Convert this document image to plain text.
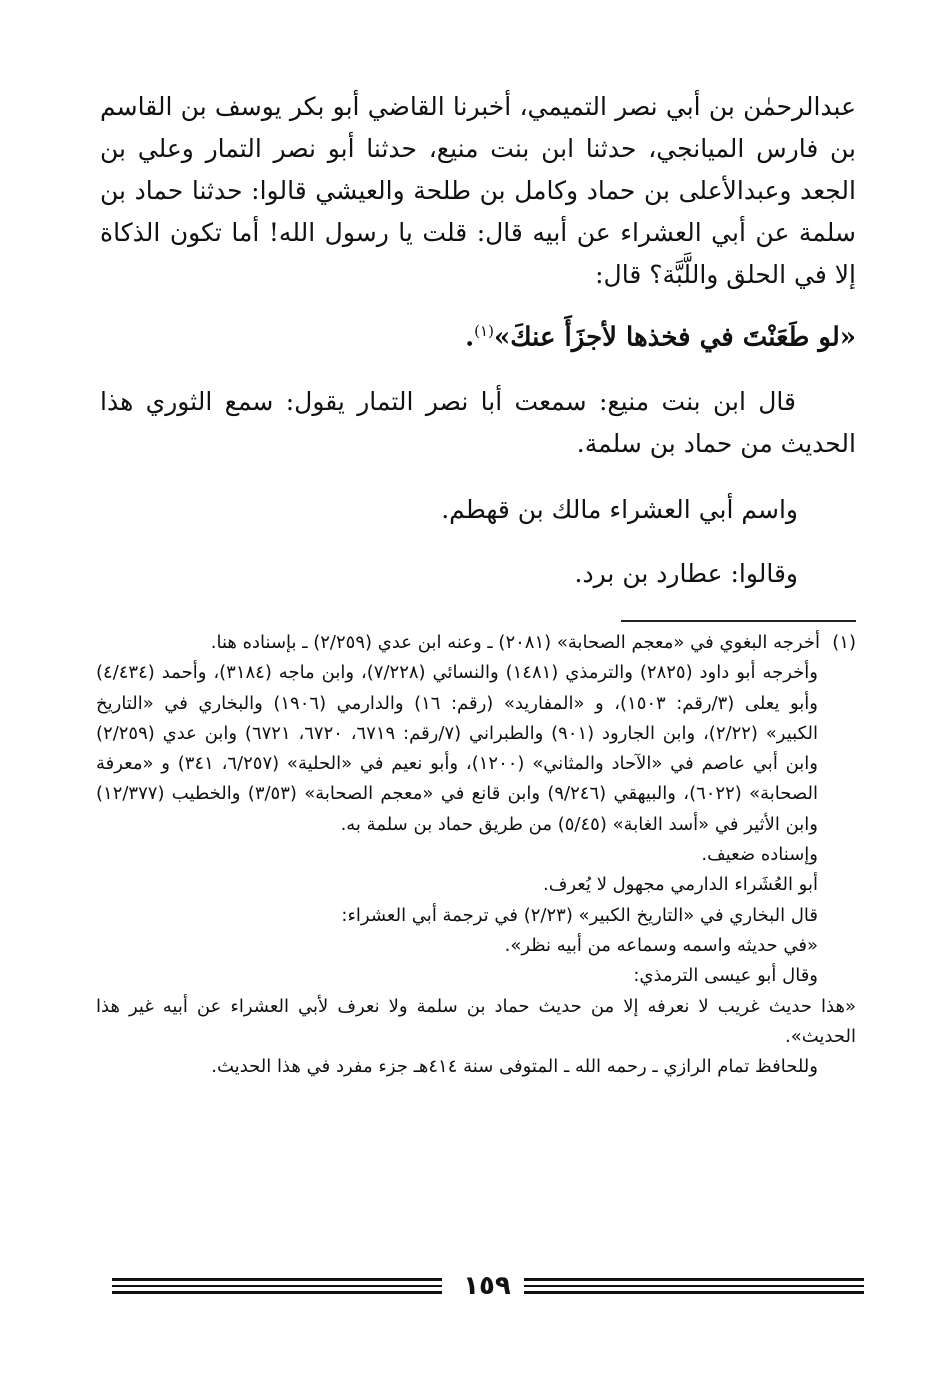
عبدالرحمٰن بن أبي نصر التميمي، أخبرنا القاضي أبو بكر يوسف بن القاسم بن فارس الميانجي، حدثنا ابن بنت منيع، حدثنا أبو نصر التمار وعلي بن الجعد وعبدالأعلى بن حماد وكامل بن طلحة والعيشي قالوا: حدثنا حماد بن سلمة عن أبي العشراء عن أبيه قال: قلت يا رسول الله! أما تكون الذكاة إلا في الحلق واللَّبَّة؟ قال:

«لو طَعَنْتَ في فخذها لأجزَأَ عنكَ»$^{(١)}$.

قال ابن بنت منيع: سمعت أبا نصر التمار يقول: سمع الثوري هذا الحديث من حماد بن سلمة.

واسم أبي العشراء مالك بن قهطم.

وقالوا: عطارد بن برد.

(١)أخرجه البغوي في «معجم الصحابة» (٢٠٨١) ـ وعنه ابن عدي (٢/٢٥٩) ـ بإسناده هنا.

وأخرجه أبو داود (٢٨٢٥) والترمذي (١٤٨١) والنسائي (٧/٢٢٨)، وابن ماجه (٣١٨٤)، وأحمد (٤/٤٣٤) وأبو يعلى (٣/رقم: ١٥٠٣)، و «المفاريد» (رقم: ١٦) والدارمي (١٩٠٦) والبخاري في «التاريخ الكبير» (٢/٢٢)، وابن الجارود (٩٠١) والطبراني (٧/رقم: ٦٧١٩، ٦٧٢٠، ٦٧٢١) وابن عدي (٢/٢٥٩) وابن أبي عاصم في «الآحاد والمثاني» (١٢٠٠)، وأبو نعيم في «الحلية» (٦/٢٥٧، ٣٤١) و «معرفة الصحابة» (٦٠٢٢)، والبيهقي (٩/٢٤٦) وابن قانع في «معجم الصحابة» (٣/٥٣) والخطيب (١٢/٣٧٧) وابن الأثير في «أسد الغابة» (٥/٤٥) من طريق حماد بن سلمة به.

وإسناده ضعيف.

أبو العُشَراء الدارمي مجهول لا يُعرف.

قال البخاري في «التاريخ الكبير» (٢/٢٣) في ترجمة أبي العشراء:

«في حديثه واسمه وسماعه من أبيه نظر».

وقال أبو عيسى الترمذي:

«هذا حديث غريب لا نعرفه إلا من حديث حماد بن سلمة ولا نعرف لأبي العشراء عن أبيه غير هذا الحديث».

وللحافظ تمام الرازي ـ رحمه الله ـ المتوفى سنة ٤١٤هـ جزء مفرد في هذا الحديث.

١٥٩
